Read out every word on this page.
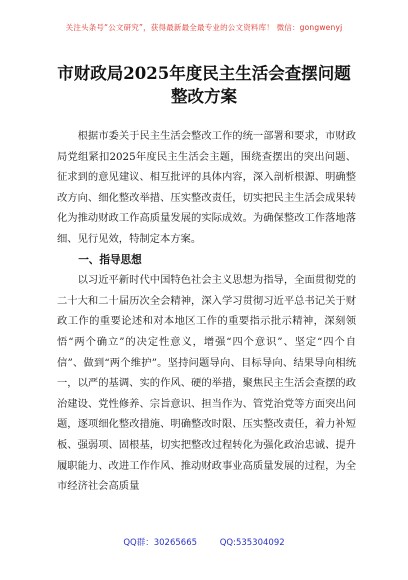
关注头条号“公文研究”，获得最新最全最专业的公文资料库！ 微信：gongwenyj
市财政局2025年度民主生活会查摆问题
整改方案

根据市委关于民主生活会整改工作的统一部署和要求，市财政局党组紧扣2025年度民主生活会主题，围绕查摆出的突出问题、征求到的意见建议、相互批评的具体内容，深入剖析根源、明确整改方向、细化整改举措、压实整改责任，切实把民主生活会成果转化为推动财政工作高质量发展的实际成效。为确保整改工作落地落细、见行见效，特制定本方案。

一、指导思想

以习近平新时代中国特色社会主义思想为指导，全面贯彻党的二十大和二十届历次全会精神，深入学习贯彻习近平总书记关于财政工作的重要论述和对本地区工作的重要指示批示精神，深刻领悟“两个确立”的决定性意义，增强“四个意识”、坚定“四个自信”、做到“两个维护”。坚持问题导向、目标导向、结果导向相统一，以严的基调、实的作风、硬的举措，聚焦民主生活会查摆的政治建设、党性修养、宗旨意识、担当作为、管党治党等方面突出问题，逐项细化整改措施、明确整改时限、压实整改责任，着力补短板、强弱项、固根基，切实把整改过程转化为强化政治忠诚、提升履职能力、改进工作作风、推动财政事业高质量发展的过程，为全市经济社会高质量

QQ群：30265665	QQ:535304092
